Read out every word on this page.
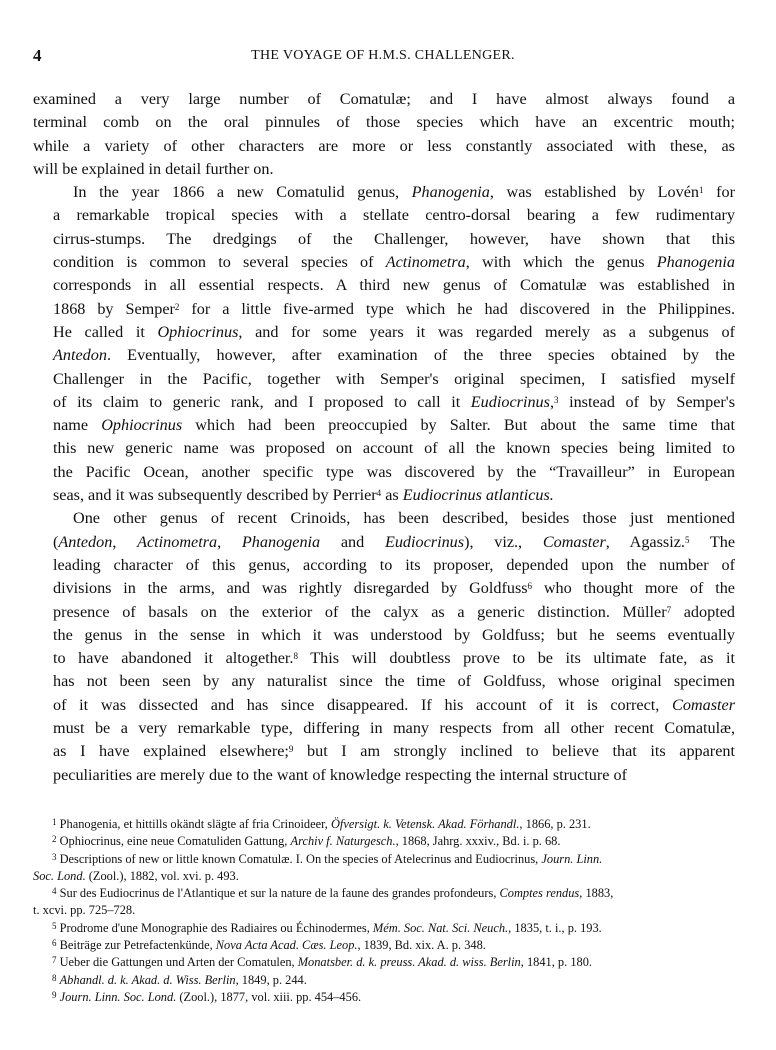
4	THE VOYAGE OF H.M.S. CHALLENGER.

examined a very large number of Comatulæ; and I have almost always found a
terminal comb on the oral pinnules of those species which have an excentric mouth;
while a variety of other characters are more or less constantly associated with these, as
will be explained in detail further on.

In the year 1866 a new Comatulid genus, Phanogenia, was established by Lovén$^1$ for
a remarkable tropical species with a stellate centro-dorsal bearing a few rudimentary
cirrus-stumps. The dredgings of the Challenger, however, have shown that this
condition is common to several species of Actinometra, with which the genus Phanogenia
corresponds in all essential respects. A third new genus of Comatulæ was established in
1868 by Semper$^2$ for a little five-armed type which he had discovered in the Philippines.
He called it Ophiocrinus, and for some years it was regarded merely as a subgenus of
Antedon. Eventually, however, after examination of the three species obtained by the
Challenger in the Pacific, together with Semper's original specimen, I satisfied myself
of its claim to generic rank, and I proposed to call it Eudiocrinus,$^3$ instead of by Semper's
name Ophiocrinus which had been preoccupied by Salter. But about the same time that
this new generic name was proposed on account of all the known species being limited to
the Pacific Ocean, another specific type was discovered by the “Travailleur” in European
seas, and it was subsequently described by Perrier$^4$ as Eudiocrinus atlanticus.

One other genus of recent Crinoids, has been described, besides those just mentioned
(Antedon, Actinometra, Phanogenia and Eudiocrinus), viz., Comaster, Agassiz.$^5$ The
leading character of this genus, according to its proposer, depended upon the number of
divisions in the arms, and was rightly disregarded by Goldfuss$^6$ who thought more of the
presence of basals on the exterior of the calyx as a generic distinction. Müller$^7$ adopted
the genus in the sense in which it was understood by Goldfuss; but he seems eventually
to have abandoned it altogether.$^8$ This will doubtless prove to be its ultimate fate, as it
has not been seen by any naturalist since the time of Goldfuss, whose original specimen
of it was dissected and has since disappeared. If his account of it is correct, Comaster
must be a very remarkable type, differing in many respects from all other recent Comatulæ,
as I have explained elsewhere;$^9$ but I am strongly inclined to believe that its apparent
peculiarities are merely due to the want of knowledge respecting the internal structure of

$^1$ Phanogenia, et hittills okändt slägte af fria Crinoideer, Öfversigt. k. Vetensk. Akad. Förhandl., 1866, p. 231.
$^2$ Ophiocrinus, eine neue Comatuliden Gattung, Archiv f. Naturgesch., 1868, Jahrg. xxxiv., Bd. i. p. 68.
$^3$ Descriptions of new or little known Comatulæ. I. On the species of Atelecrinus and Eudiocrinus, Journ. Linn.
Soc. Lond. (Zool.), 1882, vol. xvi. p. 493.
$^4$ Sur des Eudiocrinus de l'Atlantique et sur la nature de la faune des grandes profondeurs, Comptes rendus, 1883,
t. xcvi. pp. 725–728.
$^5$ Prodrome d'une Monographie des Radiaires ou Échinodermes, Mém. Soc. Nat. Sci. Neuch., 1835, t. i., p. 193.
$^6$ Beiträge zur Petrefactenkünde, Nova Acta Acad. Cæs. Leop., 1839, Bd. xix. A. p. 348.
$^7$ Ueber die Gattungen und Arten der Comatulen, Monatsber. d. k. preuss. Akad. d. wiss. Berlin, 1841, p. 180.
$^8$ Abhandl. d. k. Akad. d. Wiss. Berlin, 1849, p. 244.
$^9$ Journ. Linn. Soc. Lond. (Zool.), 1877, vol. xiii. pp. 454–456.
